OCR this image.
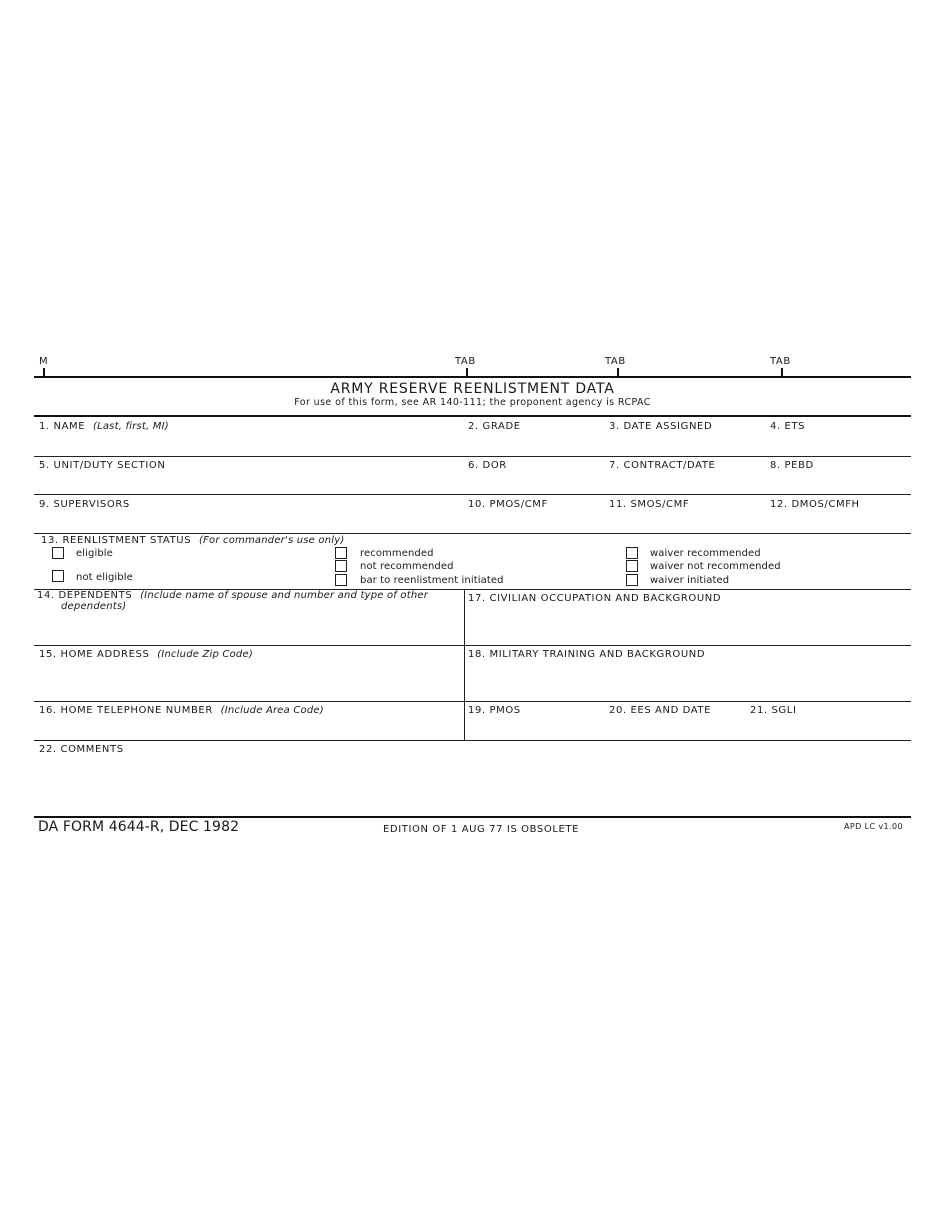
M	TAB	TAB	TAB
ARMY RESERVE REENLISTMENT DATA
For use of this form, see AR 140-111; the proponent agency is RCPAC
1. NAME (Last, first, MI)	2. GRADE	3. DATE ASSIGNED	4. ETS
5. UNIT/DUTY SECTION	6. DOR	7. CONTRACT/DATE	8. PEBD
9. SUPERVISORS	10. PMOS/CMF	11. SMOS/CMF	12. DMOS/CMFH
13. REENLISTMENT STATUS (For commander's use only)
eligible
not eligible
recommended
not recommended
bar to reenlistment initiated
waiver recommended
waiver not recommended
waiver initiated
14. DEPENDENTS (Include name of spouse and number and type of other
dependents)
17. CIVILIAN OCCUPATION AND BACKGROUND
15. HOME ADDRESS (Include Zip Code)	18. MILITARY TRAINING AND BACKGROUND
16. HOME TELEPHONE NUMBER (Include Area Code)	19. PMOS	20. EES AND DATE	21. SGLI
22. COMMENTS
DA FORM 4644-R, DEC 1982	EDITION OF 1 AUG 77 IS OBSOLETE	APD LC v1.00
